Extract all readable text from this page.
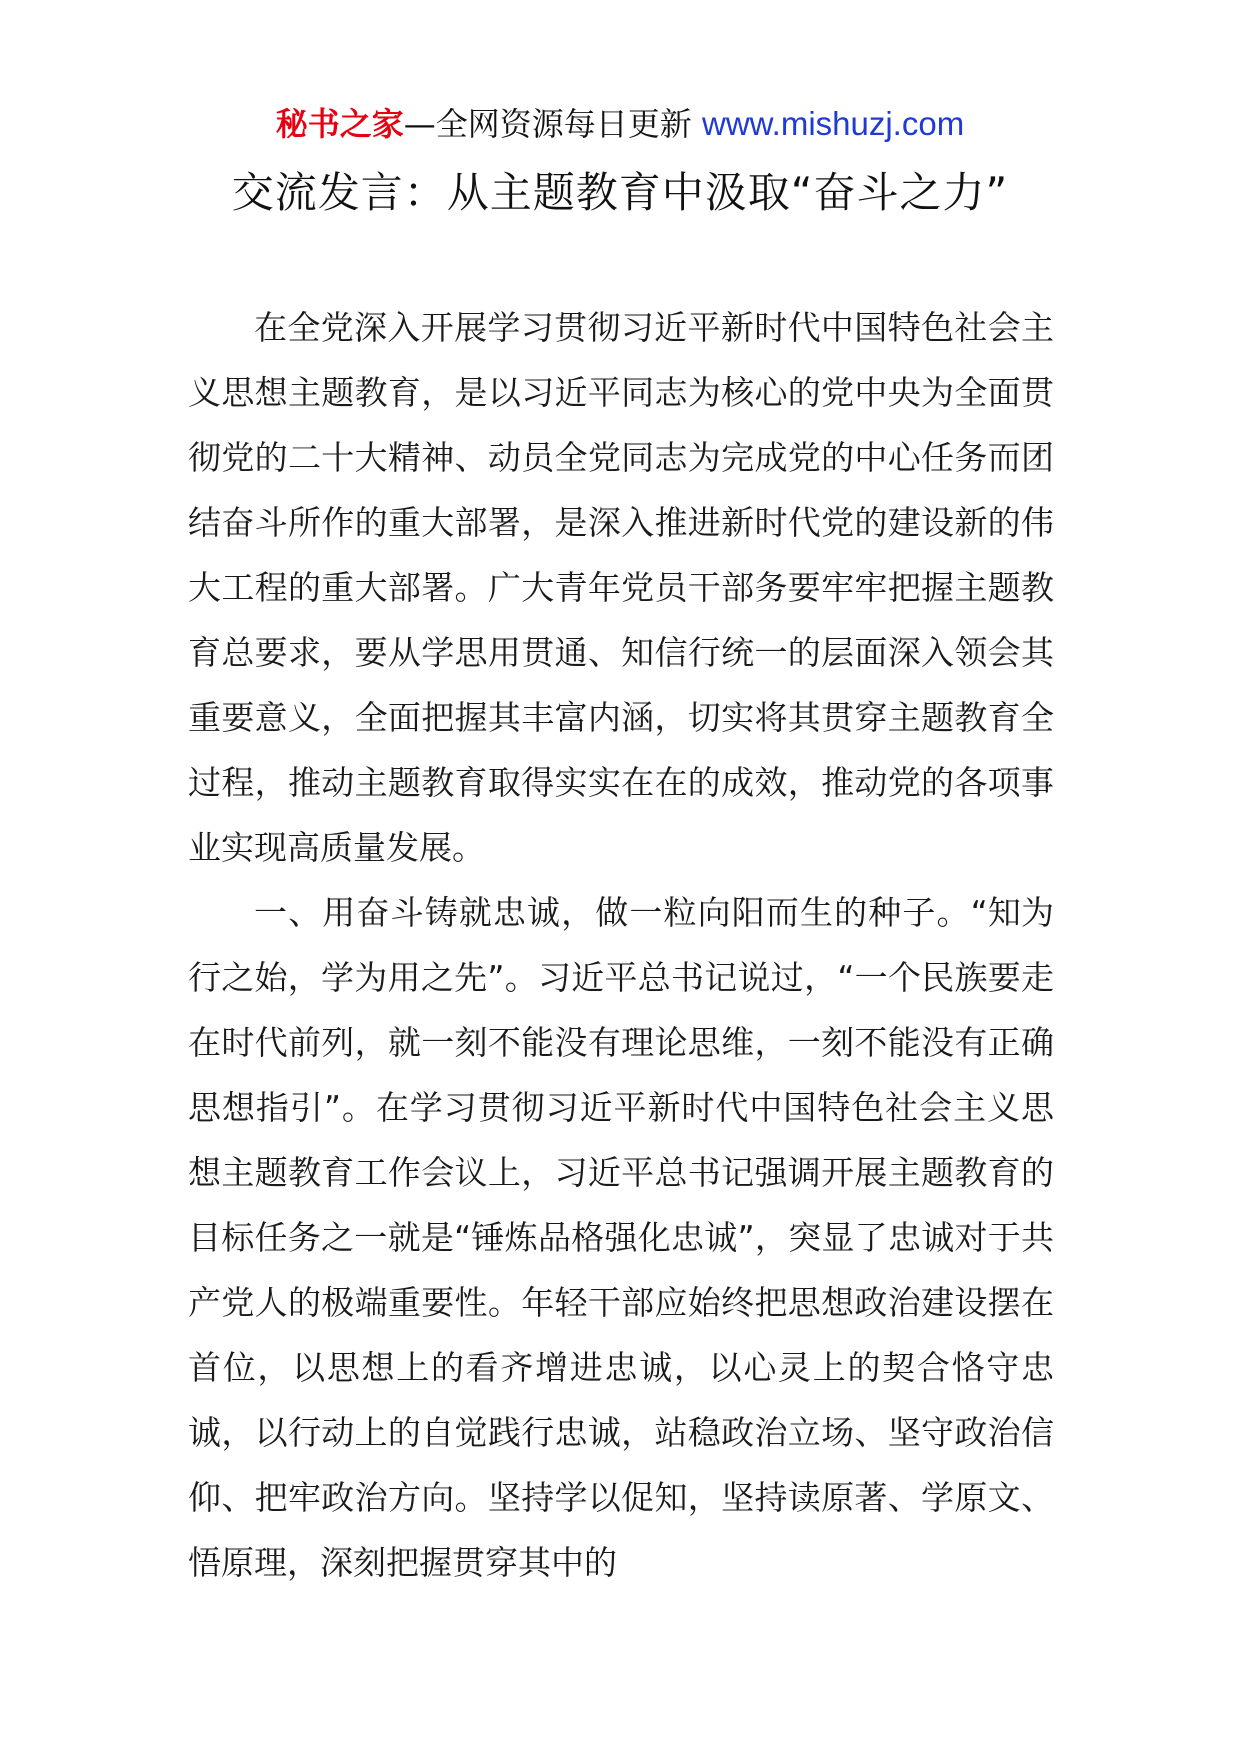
秘书之家—全网资源每日更新 www.mishuzj.com
交流发言：从主题教育中汲取“奋斗之力”

在全党深入开展学习贯彻习近平新时代中国特色社会主义思想主题教育，是以习近平同志为核心的党中央为全面贯彻党的二十大精神、动员全党同志为完成党的中心任务而团结奋斗所作的重大部署，是深入推进新时代党的建设新的伟大工程的重大部署。广大青年党员干部务要牢牢把握主题教育总要求，要从学思用贯通、知信行统一的层面深入领会其重要意义，全面把握其丰富内涵，切实将其贯穿主题教育全过程，推动主题教育取得实实在在的成效，推动党的各项事业实现高质量发展。

一、用奋斗铸就忠诚，做一粒向阳而生的种子。“知为行之始，学为用之先”。习近平总书记说过，“一个民族要走在时代前列，就一刻不能没有理论思维，一刻不能没有正确思想指引”。在学习贯彻习近平新时代中国特色社会主义思想主题教育工作会议上，习近平总书记强调开展主题教育的目标任务之一就是“锤炼品格强化忠诚”，突显了忠诚对于共产党人的极端重要性。年轻干部应始终把思想政治建设摆在首位，以思想上的看齐增进忠诚，以心灵上的契合恪守忠诚，以行动上的自觉践行忠诚，站稳政治立场、坚守政治信仰、把牢政治方向。坚持学以促知，坚持读原著、学原文、悟原理，深刻把握贯穿其中的
